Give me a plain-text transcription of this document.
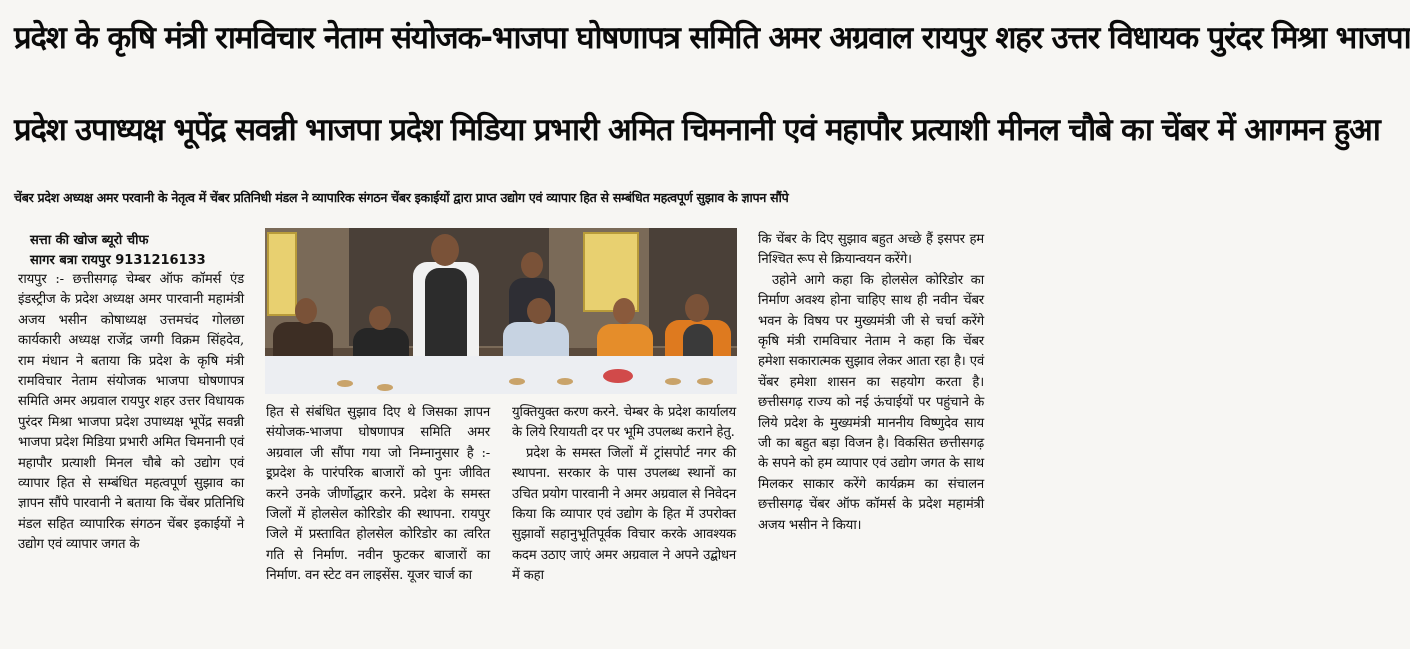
प्रदेश के कृषि मंत्री रामविचार नेताम संयोजक-भाजपा घोषणापत्र समिति अमर अग्रवाल रायपुर शहर उत्तर विधायक पुरंदर मिश्रा भाजपा
प्रदेश उपाध्यक्ष भूपेंद्र सवन्नी भाजपा प्रदेश मिडिया प्रभारी अमित चिमनानी एवं महापौर प्रत्याशी मीनल चौबे का चेंबर में आगमन हुआ
चेंबर प्रदेश अध्यक्ष अमर परवानी के नेतृत्व में चेंबर प्रतिनिधी मंडल ने व्यापारिक संगठन चेंबर इकाईयों द्वारा प्राप्त उद्योग एवं व्यापार हित से सम्बंधित महत्वपूर्ण सुझाव के ज्ञापन सौंपे
सत्ता की खोज ब्यूरो चीफ
सागर बत्रा रायपुर 9131216133

रायपुर :- छत्तीसगढ़ चेम्बर ऑफ कॉमर्स एंड इंडस्ट्रीज के प्रदेश अध्यक्ष अमर पारवानी महामंत्री अजय भसीन कोषाध्यक्ष उत्तमचंद गोलछा कार्यकारी अध्यक्ष राजेंद्र जग्गी विक्रम सिंहदेव, राम मंधान ने बताया कि प्रदेश के कृषि मंत्री रामविचार नेताम संयोजक भाजपा घोषणापत्र समिति अमर अग्रवाल रायपुर शहर उत्तर विधायक पुरंदर मिश्रा भाजपा प्रदेश उपाध्यक्ष भूपेंद्र सवन्नी भाजपा प्रदेश मिडिया प्रभारी अमित चिमनानी एवं महापौर प्रत्याशी मिनल चौबे को उद्योग एवं व्यापार हित से सम्बंधित महत्वपूर्ण सुझाव का ज्ञापन सौंपे पारवानी ने बताया कि चेंबर प्रतिनिधि मंडल सहित व्यापारिक संगठन चेंबर इकाईयों ने उद्योग एवं व्यापार जगत के

हित से संबंधित सुझाव दिए थे जिसका ज्ञापन संयोजक-भाजपा घोषणापत्र समिति अमर अग्रवाल जी सौंपा गया जो निम्नानुसार है :- इ्रप्रदेश के पारंपरिक बाजारों को पुनः जीवित करने उनके जीर्णोद्धार करने. प्रदेश के समस्त जिलों में होलसेल कोरिडोर की स्थापना. रायपुर जिले में प्रस्तावित होलसेल कोरिडोर का त्वरित गति से निर्माण. नवीन फुटकर बाजारों का निर्माण. वन स्टेट वन लाइसेंस. यूजर चार्ज का

युक्तियुक्त करण करने. चेम्बर के प्रदेश कार्यालय के लिये रियायती दर पर भूमि उपलब्ध कराने हेतु.

प्रदेश के समस्त जिलों में ट्रांसपोर्ट नगर की स्थापना. सरकार के पास उपलब्ध स्थानों का उचित प्रयोग पारवानी ने अमर अग्रवाल से निवेदन किया कि व्यापार एवं उद्योग के हित में उपरोक्त सुझावों सहानुभूतिपूर्वक विचार करके आवश्यक कदम उठाए जाएं अमर अग्रवाल ने अपने उद्बोधन में कहा

कि चेंबर के दिए सुझाव बहुत अच्छे हैं इसपर हम निश्चित रूप से क्रियान्वयन करेंगे।

उहोने आगे कहा कि होलसेल कोरिडोर का निर्माण अवश्य होना चाहिए साथ ही नवीन चेंबर भवन के विषय पर मुख्यमंत्री जी से चर्चा करेंगे कृषि मंत्री रामविचार नेताम ने कहा कि चेंबर हमेशा सकारात्मक सुझाव लेकर आता रहा है। एवं चेंबर हमेशा शासन का सहयोग करता है। छत्तीसगढ़ राज्य को नई ऊंचाईयों पर पहुंचाने के लिये प्रदेश के मुख्यमंत्री माननीय विष्णुदेव साय जी का बहुत बड़ा विजन है। विकसित छत्तीसगढ़ के सपने को हम व्यापार एवं उद्योग जगत के साथ मिलकर साकार करेंगे कार्यक्रम का संचालन छत्तीसगढ़ चेंबर ऑफ कॉमर्स के प्रदेश महामंत्री अजय भसीन ने किया।
